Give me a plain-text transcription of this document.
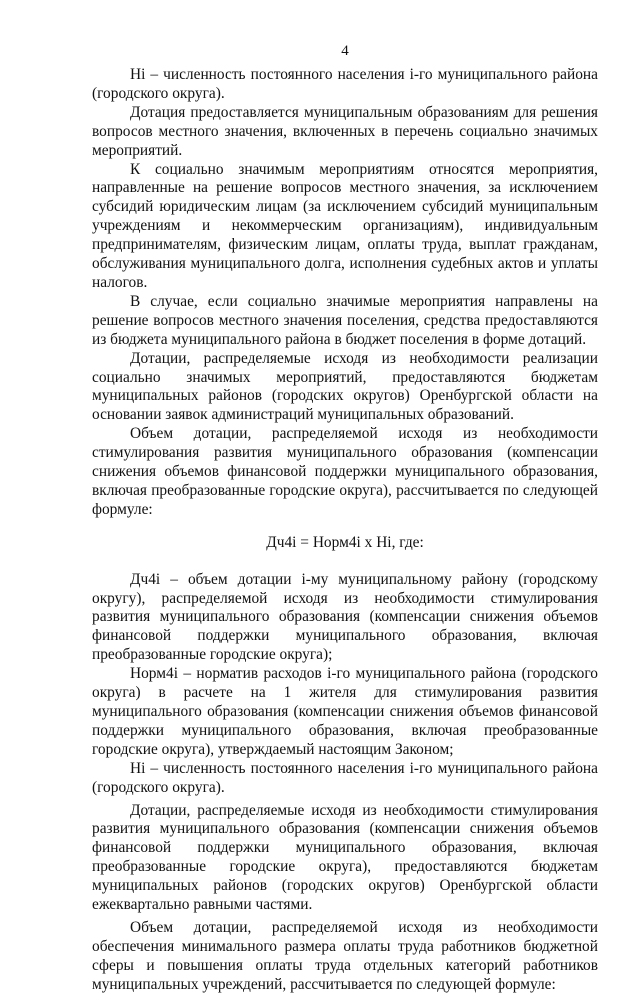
4

Hi – численность постоянного населения i-го муниципального района (городского округа).

Дотация предоставляется муниципальным образованиям для решения вопросов местного значения, включенных в перечень социально значимых мероприятий.

К социально значимым мероприятиям относятся мероприятия, направленные на решение вопросов местного значения, за исключением субсидий юридическим лицам (за исключением субсидий муниципальным учреждениям и некоммерческим организациям), индивидуальным предпринимателям, физическим лицам, оплаты труда, выплат гражданам, обслуживания муниципального долга, исполнения судебных актов и уплаты налогов.

В случае, если социально значимые мероприятия направлены на решение вопросов местного значения поселения, средства предоставляются из бюджета муниципального района в бюджет поселения в форме дотаций.

Дотации, распределяемые исходя из необходимости реализации социально значимых мероприятий, предоставляются бюджетам муниципальных районов (городских округов) Оренбургской области на основании заявок администраций муниципальных образований.

Объем дотации, распределяемой исходя из необходимости стимулирования развития муниципального образования (компенсации снижения объемов финансовой поддержки муниципального образования, включая преобразованные городские округа), рассчитывается по следующей формуле:

Дч4i = Норм4i x Hi, где:

Дч4i – объем дотации i-му муниципальному району (городскому округу), распределяемой исходя из необходимости стимулирования развития муниципального образования (компенсации снижения объемов финансовой поддержки муниципального образования, включая преобразованные городские округа);

Норм4i – норматив расходов i-го муниципального района (городского округа) в расчете на 1 жителя для стимулирования развития муниципального образования (компенсации снижения объемов финансовой поддержки муниципального образования, включая преобразованные городские округа), утверждаемый настоящим Законом;

Hi – численность постоянного населения i-го муниципального района (городского округа).

Дотации, распределяемые исходя из необходимости стимулирования развития муниципального образования (компенсации снижения объемов финансовой поддержки муниципального образования, включая преобразованные городские округа), предоставляются бюджетам муниципальных районов (городских округов) Оренбургской области ежеквартально равными частями.

Объем дотации, распределяемой исходя из необходимости обеспечения минимального размера оплаты труда работников бюджетной сферы и повышения оплаты труда отдельных категорий работников муниципальных учреждений, рассчитывается по следующей формуле:
